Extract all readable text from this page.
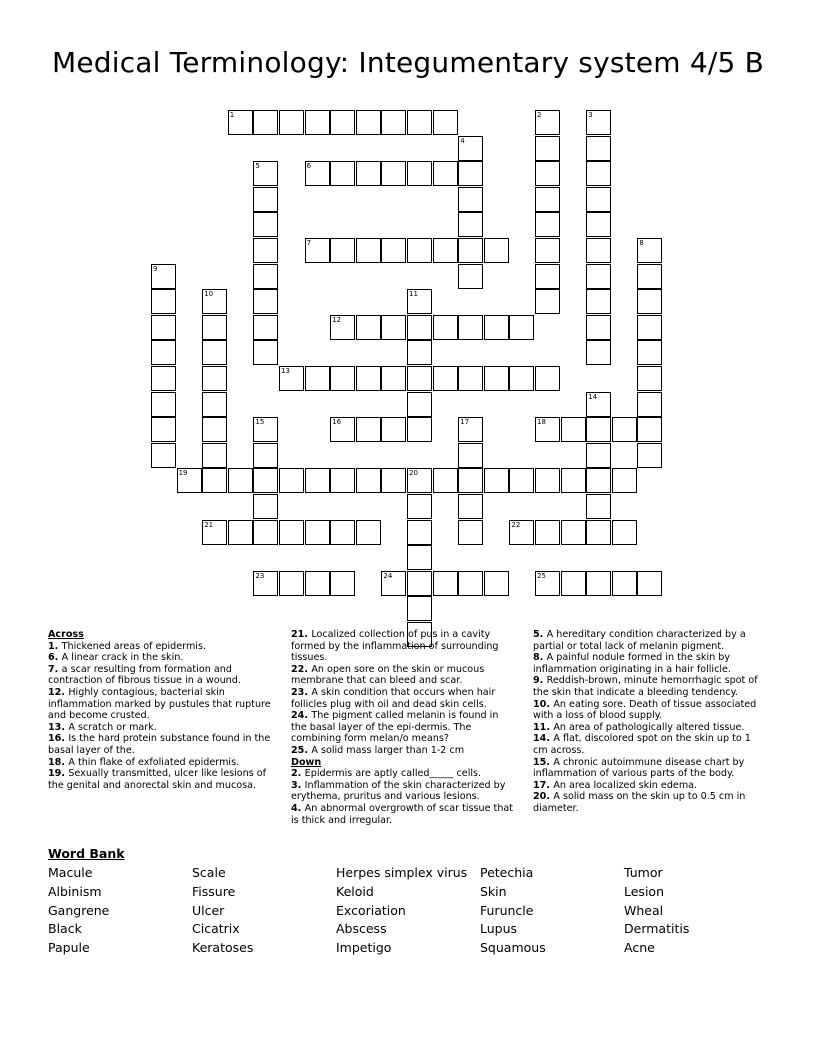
Medical Terminology: Integumentary system 4/5 B
1	2	3
4
5	6
7	8
9
10	11
12
13
14
15	16	17	18
19	20
21	22
23	24	25

Across

1. Thickened areas of epidermis.

6. A linear crack in the skin.

7. a scar resulting from formation and contraction of fibrous tissue in a wound.

12. Highly contagious, bacterial skin inflammation marked by pustules that rupture and become crusted.

13. A scratch or mark.

16. Is the hard protein substance found in the basal layer of the.

18. A thin flake of exfoliated epidermis.

19. Sexually transmitted, ulcer like lesions of the genital and anorectal skin and mucosa.

21. Localized collection of pus in a cavity formed by the inflammation of surrounding tissues.

22. An open sore on the skin or mucous membrane that can bleed and scar.

23. A skin condition that occurs when hair follicles plug with oil and dead skin cells.

24. The pigment called melanin is found in the basal layer of the epi-dermis. The combining form melan/o means?

25. A solid mass larger than 1-2 cm

Down

2. Epidermis are aptly called_____ cells.

3. Inflammation of the skin characterized by erythema, pruritus and various lesions.

4. An abnormal overgrowth of scar tissue that is thick and irregular.

5. A hereditary condition characterized by a partial or total lack of melanin pigment.

8. A painful nodule formed in the skin by inflammation originating in a hair follicle.

9. Reddish-brown, minute hemorrhagic spot of the skin that indicate a bleeding tendency.

10. An eating sore. Death of tissue associated with a loss of blood supply.

11. An area of pathologically altered tissue.

14. A flat, discolored spot on the skin up to 1 cm across.

15. A chronic autoimmune disease chart by inflammation of various parts of the body.

17. An area localized skin edema.

20. A solid mass on the skin up to 0.5 cm in diameter.

Word Bank
Macule
Albinism
Gangrene
Black
Papule
Scale
Fissure
Ulcer
Cicatrix
Keratoses
Herpes simplex virus
Keloid
Excoriation
Abscess
Impetigo
Petechia
Skin
Furuncle
Lupus
Squamous
Tumor
Lesion
Wheal
Dermatitis
Acne
